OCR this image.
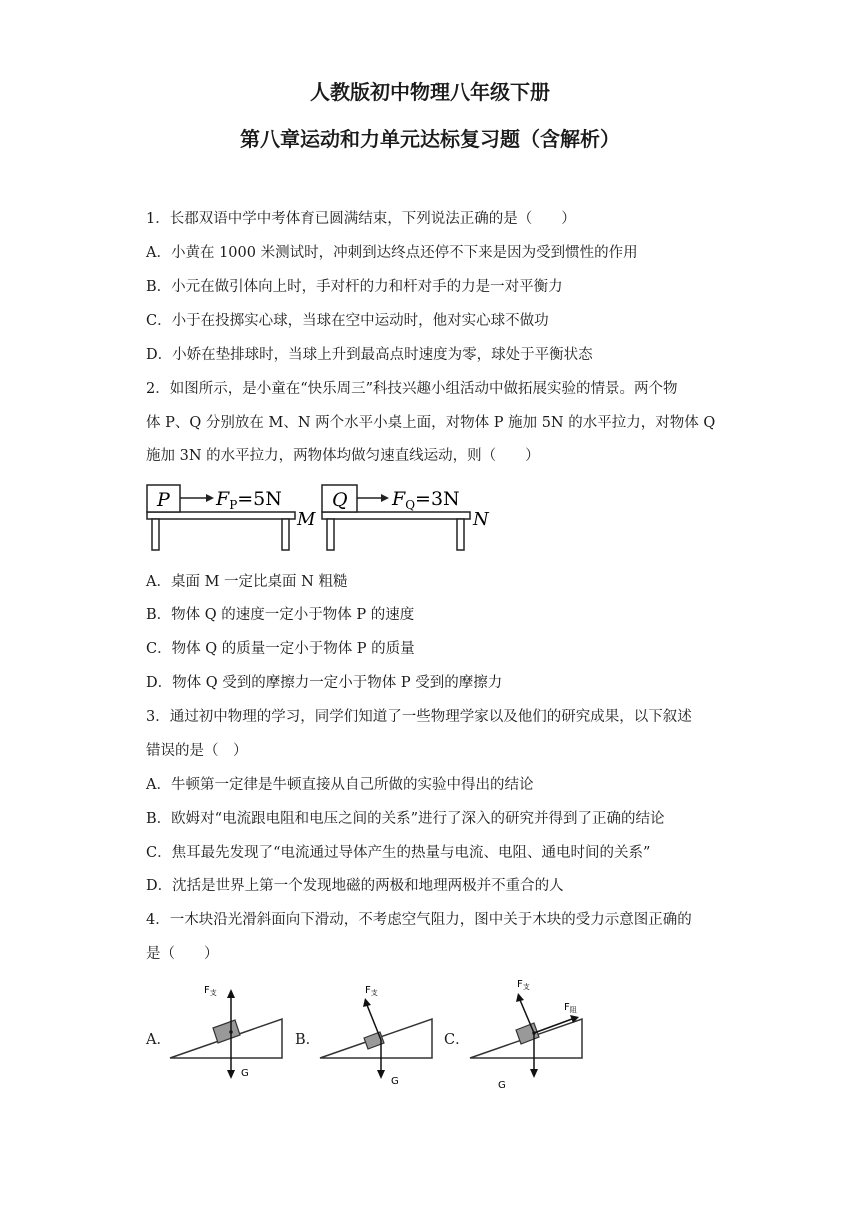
人教版初中物理八年级下册
第八章运动和力单元达标复习题（含解析）
1．长郡双语中学中考体育已圆满结束，下列说法正确的是（　　）
A．小黄在 1000 米测试时，冲刺到达终点还停不下来是因为受到惯性的作用
B．小元在做引体向上时，手对杆的力和杆对手的力是一对平衡力
C．小于在投掷实心球，当球在空中运动时，他对实心球不做功
D．小娇在垫排球时，当球上升到最高点时速度为零，球处于平衡状态
2．如图所示，是小童在“快乐周三”科技兴趣小组活动中做拓展实验的情景。两个物
体 P、Q 分别放在 M、N 两个水平小桌上面，对物体 P 施加 5N 的水平拉力，对物体 Q
施加 3N 的水平拉力，两物体均做匀速直线运动，则（　　）
P $F_P=5N$
M
Q $F_Q=3N$
N
A．桌面 M 一定比桌面 N 粗糙
B．物体 Q 的速度一定小于物体 P 的速度
C．物体 Q 的质量一定小于物体 P 的质量
D．物体 Q 受到的摩擦力一定小于物体 P 受到的摩擦力
3．通过初中物理的学习，同学们知道了一些物理学家以及他们的研究成果，以下叙述
错误的是（　）
A．牛顿第一定律是牛顿直接从自己所做的实验中得出的结论
B．欧姆对“电流跟电阻和电压之间的关系”进行了深入的研究并得到了正确的结论
C．焦耳最先发现了“电流通过导体产生的热量与电流、电阻、通电时间的关系”
D．沈括是世界上第一个发现地磁的两极和地理两极并不重合的人
4．一木块沿光滑斜面向下滑动，不考虑空气阻力，图中关于木块的受力示意图正确的
是（　　）
A．	B．	C．
$F_支$
G
$F_支$
G
$F_支$
$F_阻$
G
